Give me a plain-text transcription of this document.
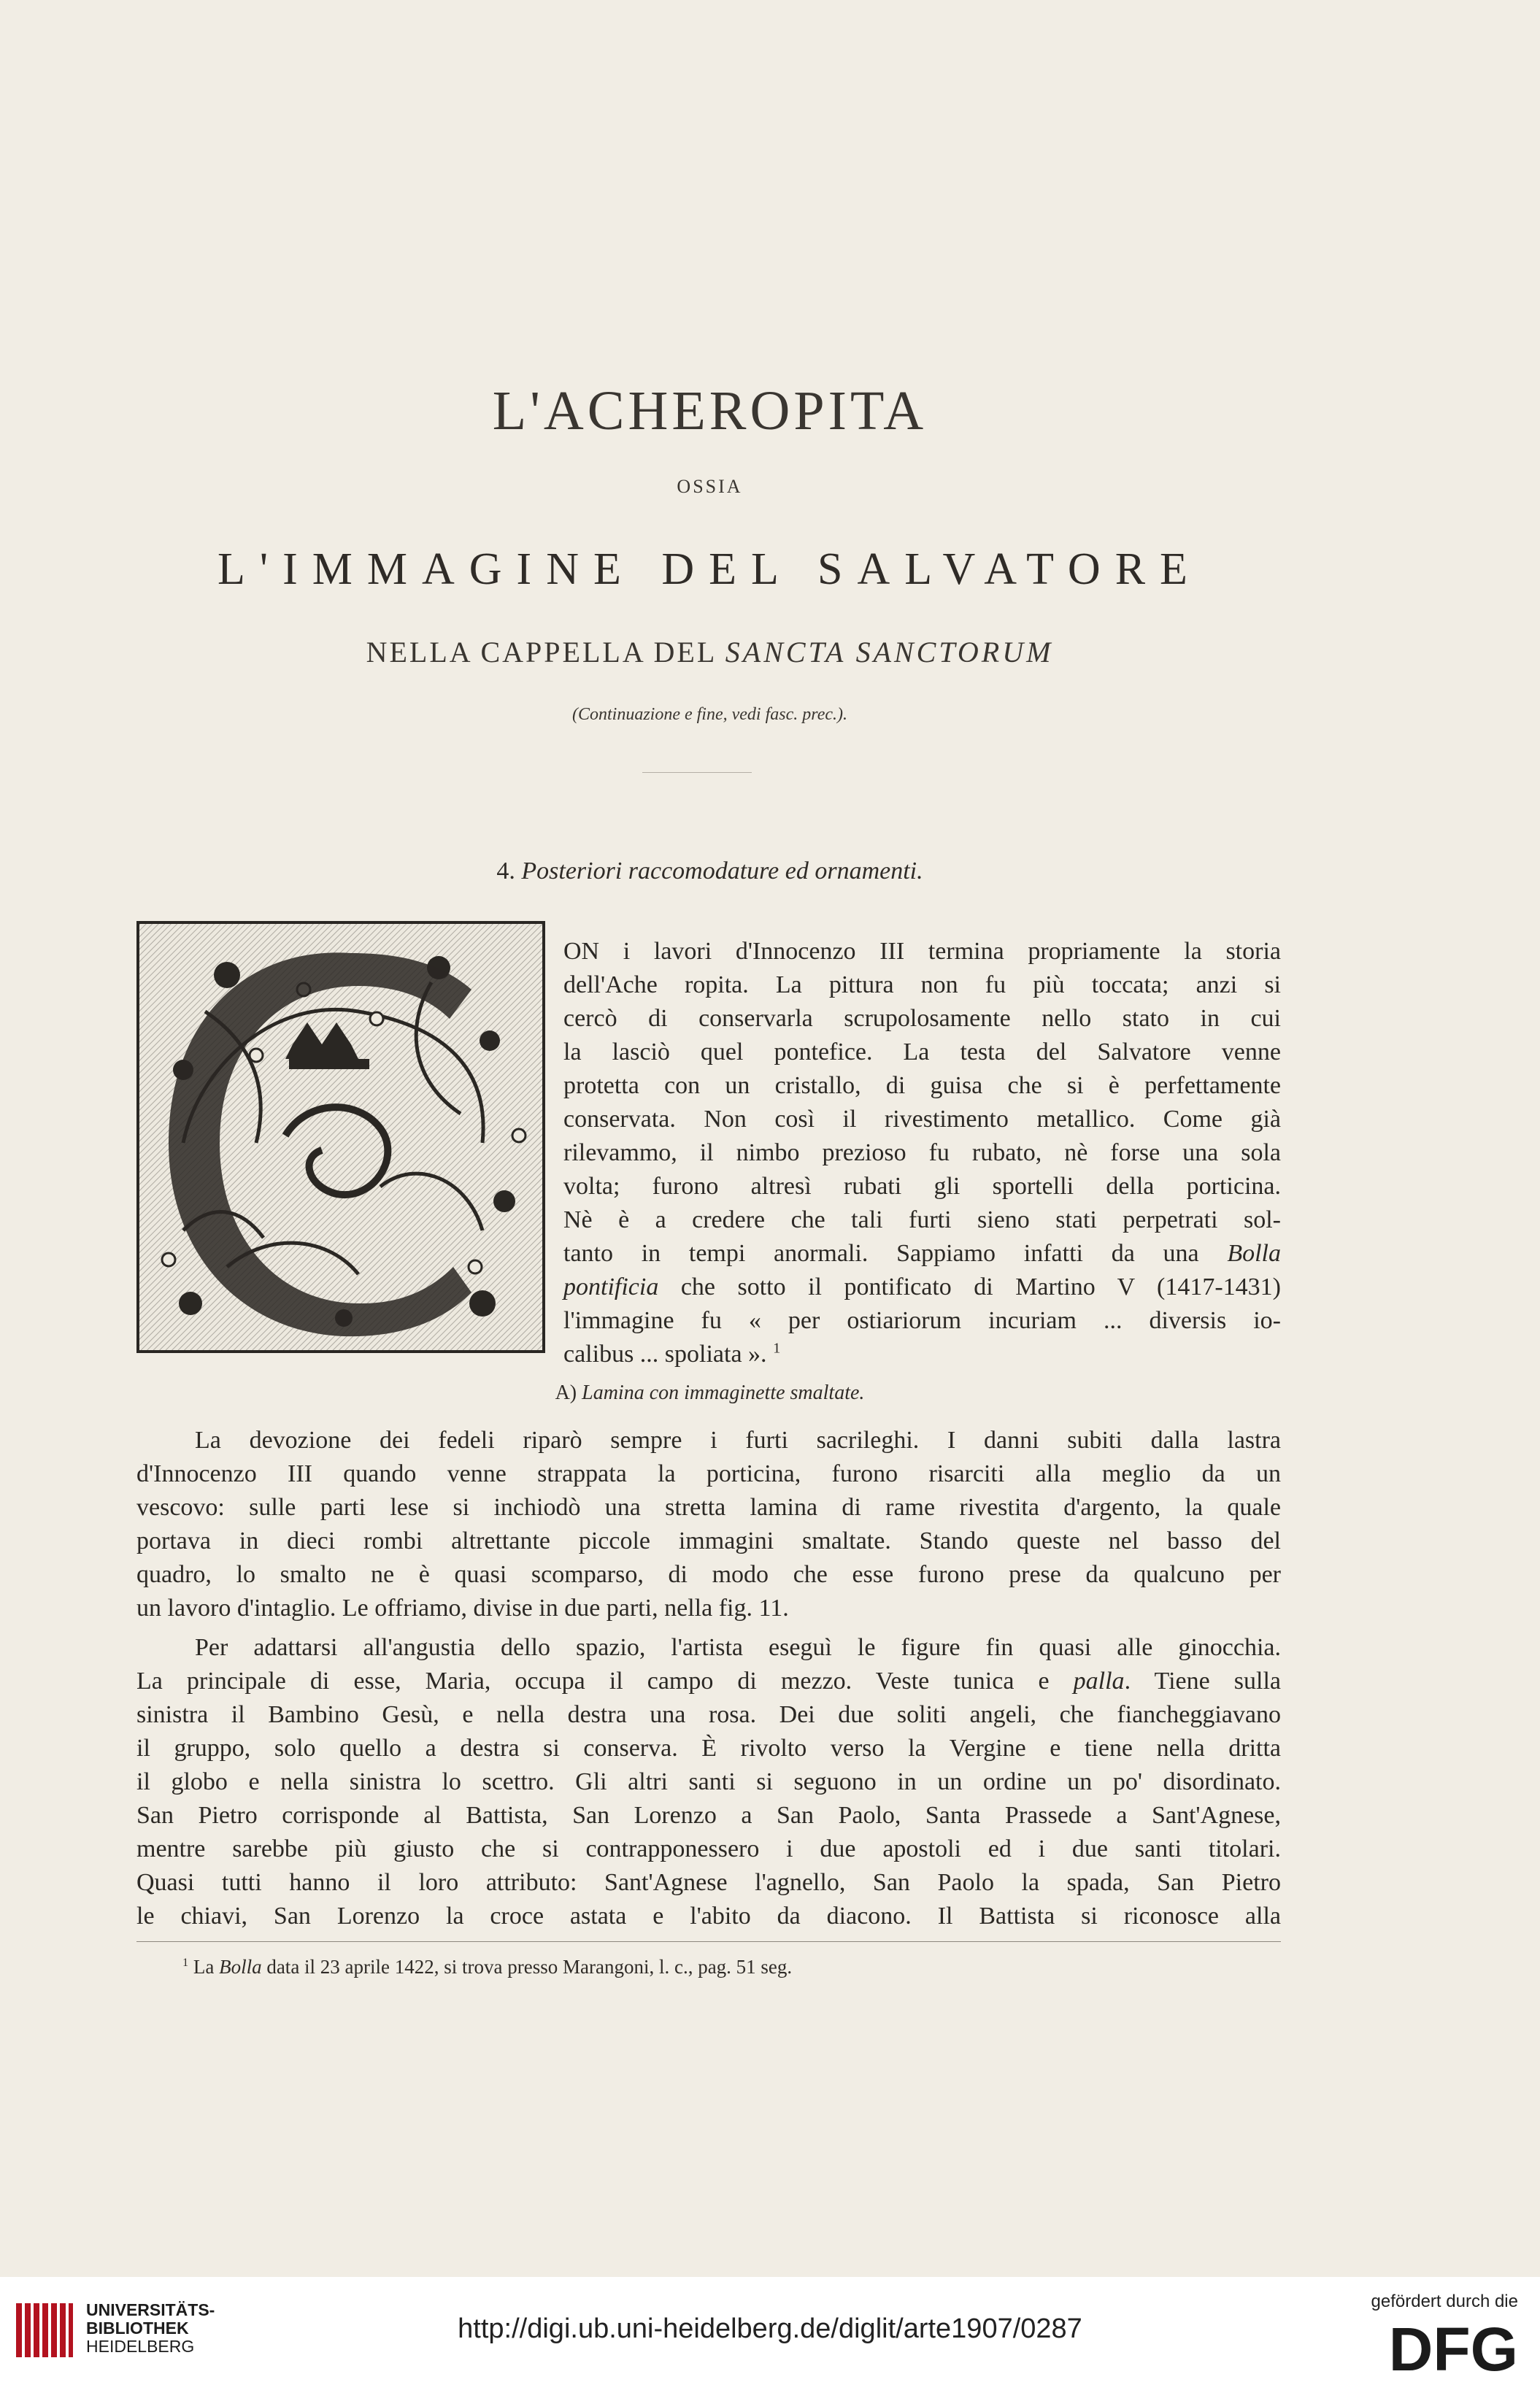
L'ACHEROPITA
OSSIA
L'IMMAGINE DEL SALVATORE
NELLA CAPPELLA DEL SANCTA SANCTORUM
(Continuazione e fine, vedi fasc. prec.).
4. Posteriori raccomodature ed ornamenti.
ON i lavori d'Innocenzo III termina propriamente la storia
dell'Ache ropita. La pittura non fu più toccata; anzi si
cercò di conservarla scrupolosamente nello stato in cui
la lasciò quel pontefice. La testa del Salvatore venne
protetta con un cristallo, di guisa che si è perfettamente
conservata. Non così il rivestimento metallico. Come già
rilevammo, il nimbo prezioso fu rubato, nè forse una sola
volta; furono altresì rubati gli sportelli della porticina.
Nè è a credere che tali furti sieno stati perpetrati sol-
tanto in tempi anormali. Sappiamo infatti da una Bolla
pontificia che sotto il pontificato di Martino V (1417-1431)
l'immagine fu « per ostiariorum incuriam ... diversis io-
calibus ... spoliata ». $^1$
A) Lamina con immaginette smaltate.
La devozione dei fedeli riparò sempre i furti sacrileghi. I danni subiti dalla lastra
d'Innocenzo III quando venne strappata la porticina, furono risarciti alla meglio da un
vescovo: sulle parti lese si inchiodò una stretta lamina di rame rivestita d'argento, la quale
portava in dieci rombi altrettante piccole immagini smaltate. Stando queste nel basso del
quadro, lo smalto ne è quasi scomparso, di modo che esse furono prese da qualcuno per
un lavoro d'intaglio. Le offriamo, divise in due parti, nella fig. 11.
Per adattarsi all'angustia dello spazio, l'artista eseguì le figure fin quasi alle ginocchia.
La principale di esse, Maria, occupa il campo di mezzo. Veste tunica e palla. Tiene sulla
sinistra il Bambino Gesù, e nella destra una rosa. Dei due soliti angeli, che fiancheggiavano
il gruppo, solo quello a destra si conserva. È rivolto verso la Vergine e tiene nella dritta
il globo e nella sinistra lo scettro. Gli altri santi si seguono in un ordine un po' disordinato.
San Pietro corrisponde al Battista, San Lorenzo a San Paolo, Santa Prassede a Sant'Agnese,
mentre sarebbe più giusto che si contrapponessero i due apostoli ed i due santi titolari.
Quasi tutti hanno il loro attributo: Sant'Agnese l'agnello, San Paolo la spada, San Pietro
le chiavi, San Lorenzo la croce astata e l'abito da diacono. Il Battista si riconosce alla
$^1$ La Bolla data il 23 aprile 1422, si trova presso Marangoni, l. c., pag. 51 seg.
UNIVERSITÄTS-
BIBLIOTHEK
HEIDELBERG
http://digi.ub.uni-heidelberg.de/diglit/arte1907/0287
gefördert durch die
DFG
